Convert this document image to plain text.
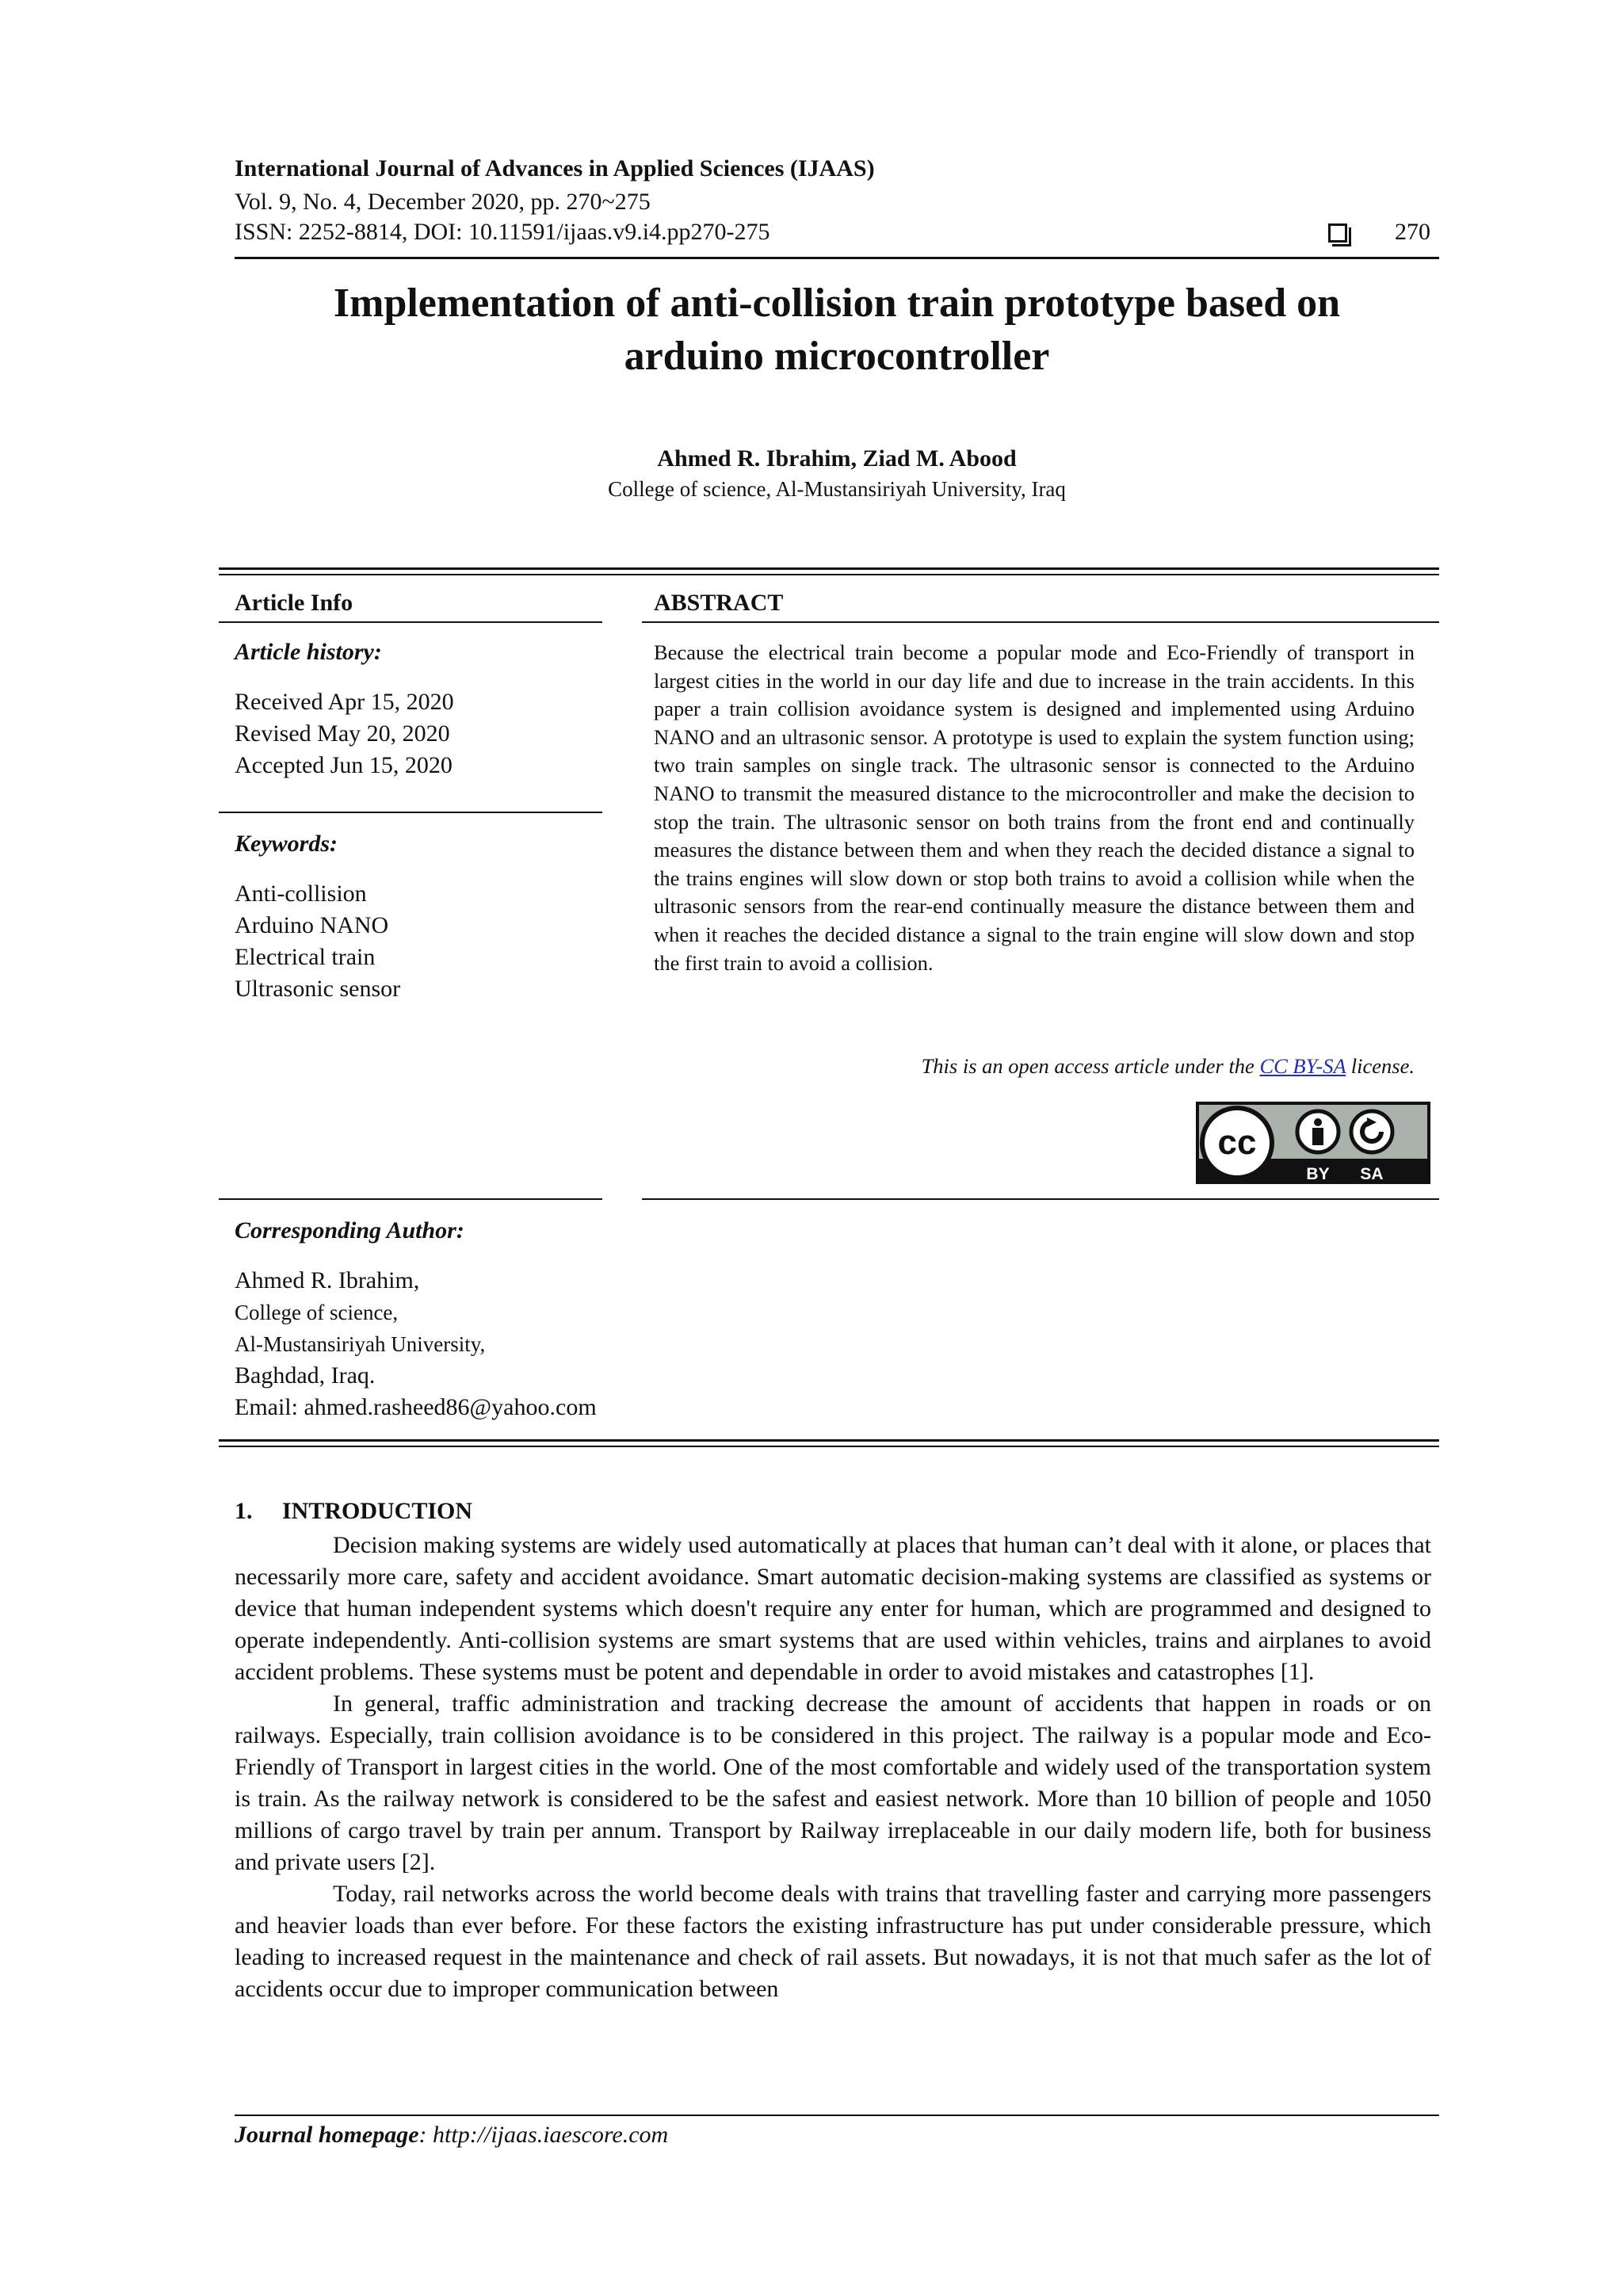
International Journal of Advances in Applied Sciences (IJAAS)
Vol. 9, No. 4, December 2020, pp. 270~275
ISSN: 2252-8814, DOI: 10.11591/ijaas.v9.i4.pp270-275	270
Implementation of anti-collision train prototype based on
arduino microcontroller
Ahmed R. Ibrahim, Ziad M. Abood
College of science, Al-Mustansiriyah University, Iraq
Article Info
Article history:
Received Apr 15, 2020
Revised May 20, 2020
Accepted Jun 15, 2020
Keywords:
Anti-collision
Arduino NANO
Electrical train
Ultrasonic sensor
ABSTRACT
Because the electrical train become a popular mode and Eco-Friendly of transport in largest cities in the world in our day life and due to increase in the train accidents. In this paper a train collision avoidance system is designed and implemented using Arduino NANO and an ultrasonic sensor. A prototype is used to explain the system function using; two train samples on single track. The ultrasonic sensor is connected to the Arduino NANO to transmit the measured distance to the microcontroller and make the decision to stop the train. The ultrasonic sensor on both trains from the front end and continually measures the distance between them and when they reach the decided distance a signal to the trains engines will slow down or stop both trains to avoid a collision while when the ultrasonic sensors from the rear-end continually measure the distance between them and when it reaches the decided distance a signal to the train engine will slow down and stop the first train to avoid a collision.
This is an open access article under the CC BY-SA license.
cc
BY SA
Corresponding Author:
Ahmed R. Ibrahim,
College of science,
Al-Mustansiriyah University,
Baghdad, Iraq.
Email: ahmed.rasheed86@yahoo.com
1.     INTRODUCTION

Decision making systems are widely used automatically at places that human can’t deal with it alone, or places that necessarily more care, safety and accident avoidance. Smart automatic decision-making systems are classified as systems or device that human independent systems which doesn't require any enter for human, which are programmed and designed to operate independently. Anti-collision systems are smart systems that are used within vehicles, trains and airplanes to avoid accident problems. These systems must be potent and dependable in order to avoid mistakes and catastrophes [1].

In general, traffic administration and tracking decrease the amount of accidents that happen in roads or on railways. Especially, train collision avoidance is to be considered in this project. The railway is a popular mode and Eco-Friendly of Transport in largest cities in the world. One of the most comfortable and widely used of the transportation system is train. As the railway network is considered to be the safest and easiest network. More than 10 billion of people and 1050 millions of cargo travel by train per annum. Transport by Railway irreplaceable in our daily modern life, both for business and private users [2].

Today, rail networks across the world become deals with trains that travelling faster and carrying more passengers and heavier loads than ever before. For these factors the existing infrastructure has put under considerable pressure, which leading to increased request in the maintenance and check of rail assets. But nowadays, it is not that much safer as the lot of accidents occur due to improper communication between

Journal homepage: http://ijaas.iaescore.com
